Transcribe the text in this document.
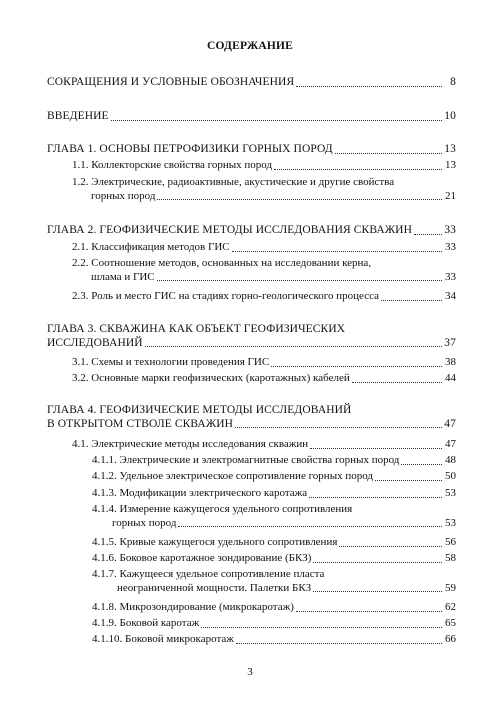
СОДЕРЖАНИЕ
СОКРАЩЕНИЯ И УСЛОВНЫЕ ОБОЗНАЧЕНИЯ	8
ВВЕДЕНИЕ	10
ГЛАВА 1. ОСНОВЫ ПЕТРОФИЗИКИ ГОРНЫХ ПОРОД	13
1.1. Коллекторские свойства горных пород	13
1.2. Электрические, радиоактивные, акустические и другие свойства
горных пород	21
ГЛАВА 2. ГЕОФИЗИЧЕСКИЕ МЕТОДЫ ИССЛЕДОВАНИЯ СКВАЖИН	33
2.1. Классификация методов ГИС	33
2.2. Соотношение методов, основанных на исследовании керна,
шлама и ГИС	33
2.3. Роль и место ГИС на стадиях горно-геологического процесса	34
ГЛАВА 3. СКВАЖИНА КАК ОБЪЕКТ ГЕОФИЗИЧЕСКИХ
ИССЛЕДОВАНИЙ	37
3.1. Схемы и технологии проведения ГИС	38
3.2. Основные марки геофизических (каротажных) кабелей	44
ГЛАВА 4. ГЕОФИЗИЧЕСКИЕ МЕТОДЫ ИССЛЕДОВАНИЙ
В ОТКРЫТОМ СТВОЛЕ СКВАЖИН	47
4.1. Электрические методы исследования скважин	47
4.1.1. Электрические и электромагнитные свойства горных пород	48
4.1.2. Удельное электрическое сопротивление горных пород	50
4.1.3. Модификации электрического каротажа	53
4.1.4. Измерение кажущегося удельного сопротивления
горных пород	53
4.1.5. Кривые кажущегося удельного сопротивления	56
4.1.6. Боковое каротажное зондирование (БКЗ)	58
4.1.7. Кажущееся удельное сопротивление пласта
неограниченной мощности. Палетки БКЗ	59
4.1.8. Микрозондирование (микрокаротаж)	62
4.1.9. Боковой каротаж	65
4.1.10. Боковой микрокаротаж	66
3
